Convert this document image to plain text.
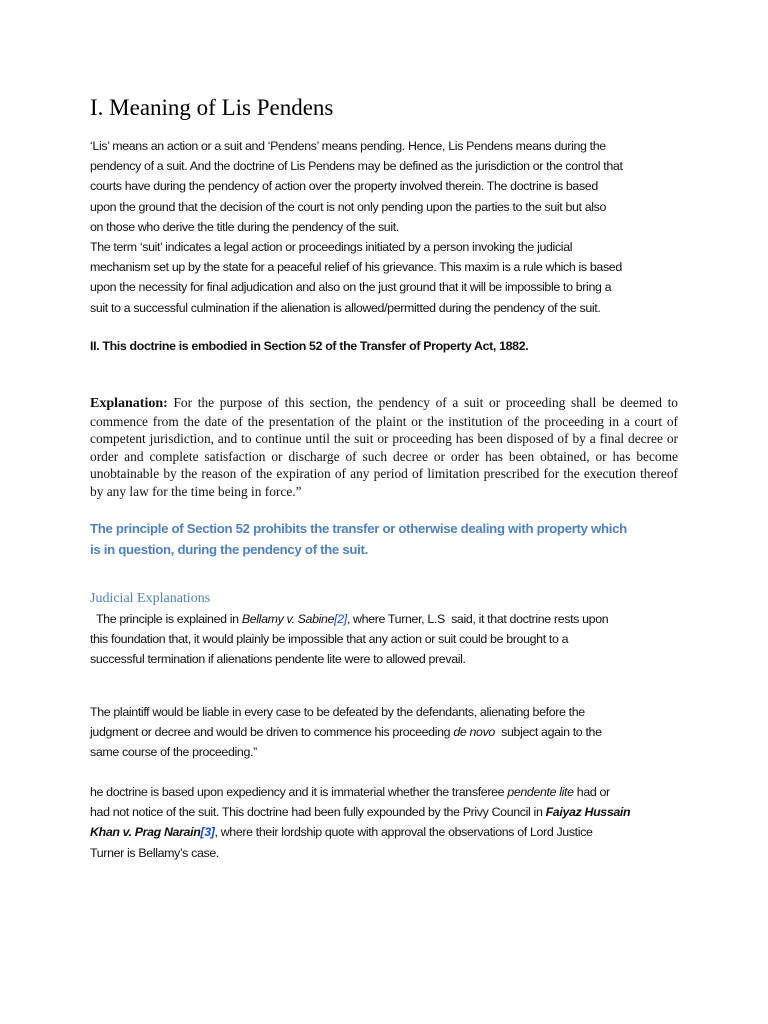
I. Meaning of Lis Pendens
‘Lis’ means an action or a suit and ‘Pendens’ means pending. Hence, Lis Pendens means during the
pendency of a suit. And the doctrine of Lis Pendens may be defined as the jurisdiction or the control that
courts have during the pendency of action over the property involved therein. The doctrine is based
upon the ground that the decision of the court is not only pending upon the parties to the suit but also
on those who derive the title during the pendency of the suit.
The term ‘suit’ indicates a legal action or proceedings initiated by a person invoking the judicial
mechanism set up by the state for a peaceful relief of his grievance. This maxim is a rule which is based
upon the necessity for final adjudication and also on the just ground that it will be impossible to bring a
suit to a successful culmination if the alienation is allowed/permitted during the pendency of the suit.
II. This doctrine is embodied in Section 52 of the Transfer of Property Act, 1882.
Explanation: For the purpose of this section, the pendency of a suit or proceeding shall be deemed to commence from the date of the presentation of the plaint or the institution of the proceeding in a court of competent jurisdiction, and to continue until the suit or proceeding has been disposed of by a final decree or order and complete satisfaction or discharge of such decree or order has been obtained, or has become unobtainable by the reason of the expiration of any period of limitation prescribed for the execution thereof by any law for the time being in force.”
The principle of Section 52 prohibits the transfer or otherwise dealing with property which
is in question, during the pendency of the suit.
Judicial Explanations
The principle is explained in Bellamy v. Sabine[2], where Turner, L.S  said, it that doctrine rests upon
this foundation that, it would plainly be impossible that any action or suit could be brought to a
successful termination if alienations pendente lite were to allowed prevail.
The plaintiff would be liable in every case to be defeated by the defendants, alienating before the
judgment or decree and would be driven to commence his proceeding de novo  subject again to the
same course of the proceeding.”
he doctrine is based upon expediency and it is immaterial whether the transferee pendente lite had or
had not notice of the suit. This doctrine had been fully expounded by the Privy Council in Faiyaz Hussain
Khan v. Prag Narain[3], where their lordship quote with approval the observations of Lord Justice
Turner is Bellamy’s case.
